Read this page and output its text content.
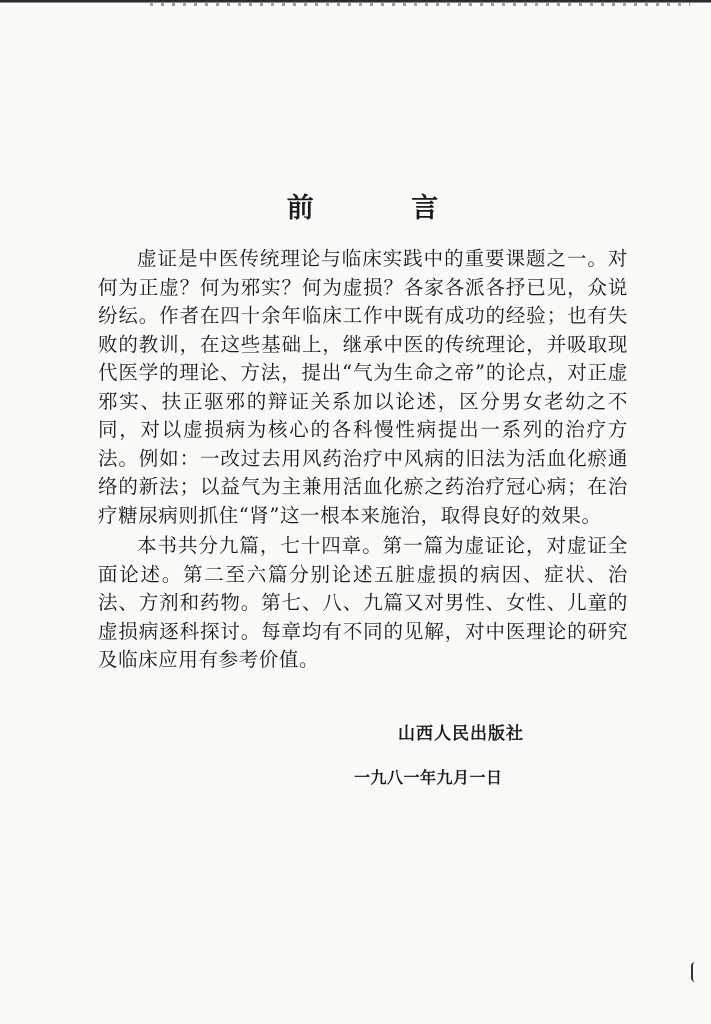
前 言

虚证是中医传统理论与临床实践中的重要课题之一。对何为正虚？何为邪实？何为虚损？各家各派各抒已见，众说纷纭。作者在四十余年临床工作中既有成功的经验；也有失败的教训，在这些基础上，继承中医的传统理论，并吸取现代医学的理论、方法，提出“气为生命之帝”的论点，对正虚邪实、扶正驱邪的辩证关系加以论述，区分男女老幼之不同，对以虚损病为核心的各科慢性病提出一系列的治疗方法。例如：一改过去用风药治疗中风病的旧法为活血化瘀通络的新法；以益气为主兼用活血化瘀之药治疗冠心病；在治疗糖尿病则抓住“肾”这一根本来施治，取得良好的效果。

本书共分九篇，七十四章。第一篇为虚证论，对虚证全面论述。第二至六篇分别论述五脏虚损的病因、症状、治法、方剂和药物。第七、八、九篇又对男性、女性、儿童的虚损病逐科探讨。每章均有不同的见解，对中医理论的研究及临床应用有参考价值。

山西人民出版社
一九八一年九月一日
